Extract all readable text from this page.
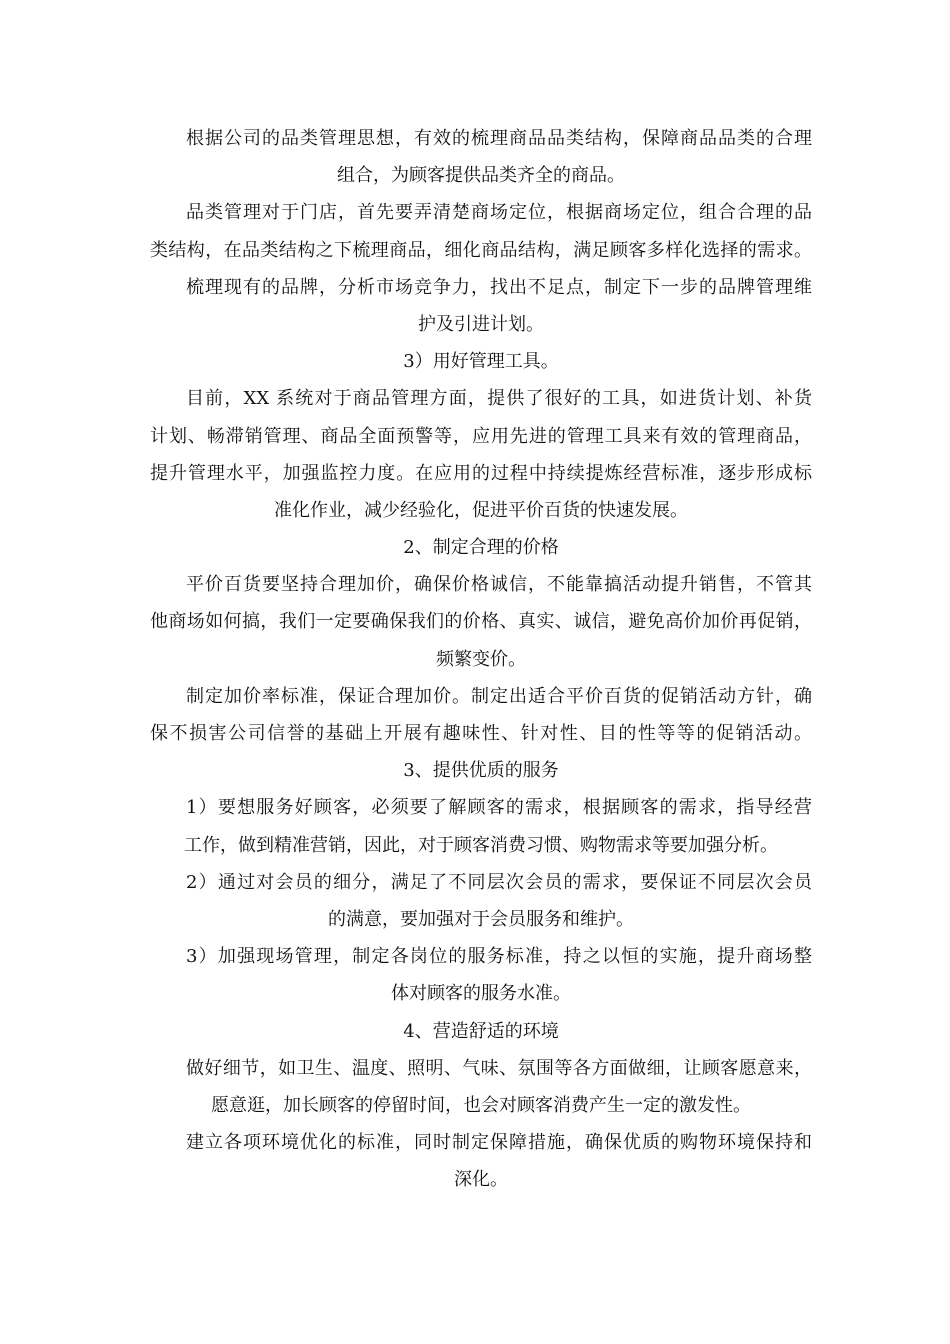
根据公司的品类管理思想，有效的梳理商品品类结构，保障商品品类的合理
组合，为顾客提供品类齐全的商品。
品类管理对于门店，首先要弄清楚商场定位，根据商场定位，组合合理的品
类结构，在品类结构之下梳理商品，细化商品结构，满足顾客多样化选择的需求。
梳理现有的品牌，分析市场竞争力，找出不足点，制定下一步的品牌管理维
护及引进计划。
3）用好管理工具。
目前，XX 系统对于商品管理方面，提供了很好的工具，如进货计划、补货
计划、畅滞销管理、商品全面预警等，应用先进的管理工具来有效的管理商品，
提升管理水平，加强监控力度。在应用的过程中持续提炼经营标准，逐步形成标
准化作业，减少经验化，促进平价百货的快速发展。
2、制定合理的价格
平价百货要坚持合理加价，确保价格诚信，不能靠搞活动提升销售，不管其
他商场如何搞，我们一定要确保我们的价格、真实、诚信，避免高价加价再促销，
频繁变价。
制定加价率标准，保证合理加价。制定出适合平价百货的促销活动方针，确
保不损害公司信誉的基础上开展有趣味性、针对性、目的性等等的促销活动。
3、提供优质的服务
1）要想服务好顾客，必须要了解顾客的需求，根据顾客的需求，指导经营
工作，做到精准营销，因此，对于顾客消费习惯、购物需求等要加强分析。
2）通过对会员的细分，满足了不同层次会员的需求，要保证不同层次会员
的满意，要加强对于会员服务和维护。
3）加强现场管理，制定各岗位的服务标准，持之以恒的实施，提升商场整
体对顾客的服务水准。
4、营造舒适的环境
做好细节，如卫生、温度、照明、气味、氛围等各方面做细，让顾客愿意来，
愿意逛，加长顾客的停留时间，也会对顾客消费产生一定的激发性。
建立各项环境优化的标准，同时制定保障措施，确保优质的购物环境保持和
深化。
